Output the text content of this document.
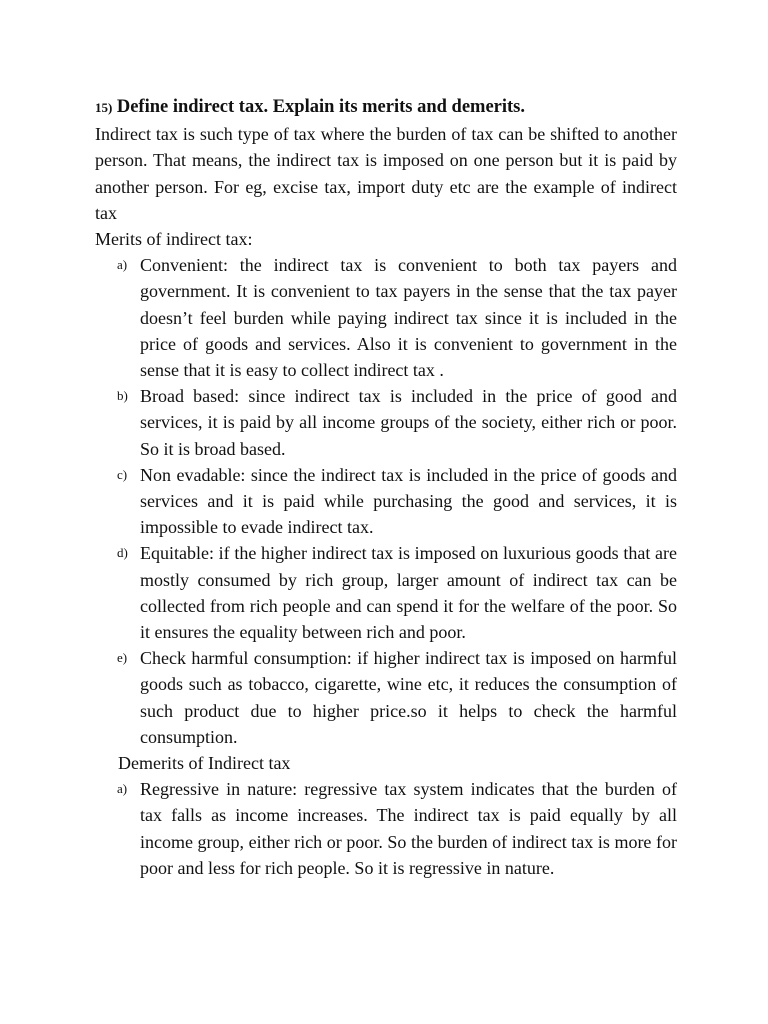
15) Define indirect tax. Explain its merits and demerits.

Indirect tax is such type of tax where the burden of tax can be shifted to another person. That means, the indirect tax is imposed on one person but it is paid by another person. For eg, excise tax, import duty etc are the example of indirect tax

Merits of indirect tax:

a) Convenient: the indirect tax is convenient to both tax payers and government. It is convenient to tax payers in the sense that the tax payer doesn’t feel burden while paying indirect tax since it is included in the price of goods and services. Also it is convenient to government in the sense that it is easy to collect indirect tax .
b) Broad based: since indirect tax is included in the price of good and services, it is paid by all income groups of the society, either rich or poor. So it is broad based.
c) Non evadable: since the indirect tax is included in the price of goods and services and it is paid while purchasing the good and services, it is impossible to evade indirect tax.
d) Equitable: if the higher indirect tax is imposed on luxurious goods that are mostly consumed by rich group, larger amount of indirect tax can be collected from rich people and can spend it for the welfare of the poor. So it ensures the equality between rich and poor.
e) Check harmful consumption: if higher indirect tax is imposed on harmful goods such as tobacco, cigarette, wine etc, it reduces the consumption of such product due to higher price.so it helps to check the harmful consumption.

Demerits of Indirect tax

a) Regressive in nature: regressive tax system indicates that the burden of tax falls as income increases. The indirect tax is paid equally by all income group, either rich or poor. So the burden of indirect tax is more for poor and less for rich people. So it is regressive in nature.
